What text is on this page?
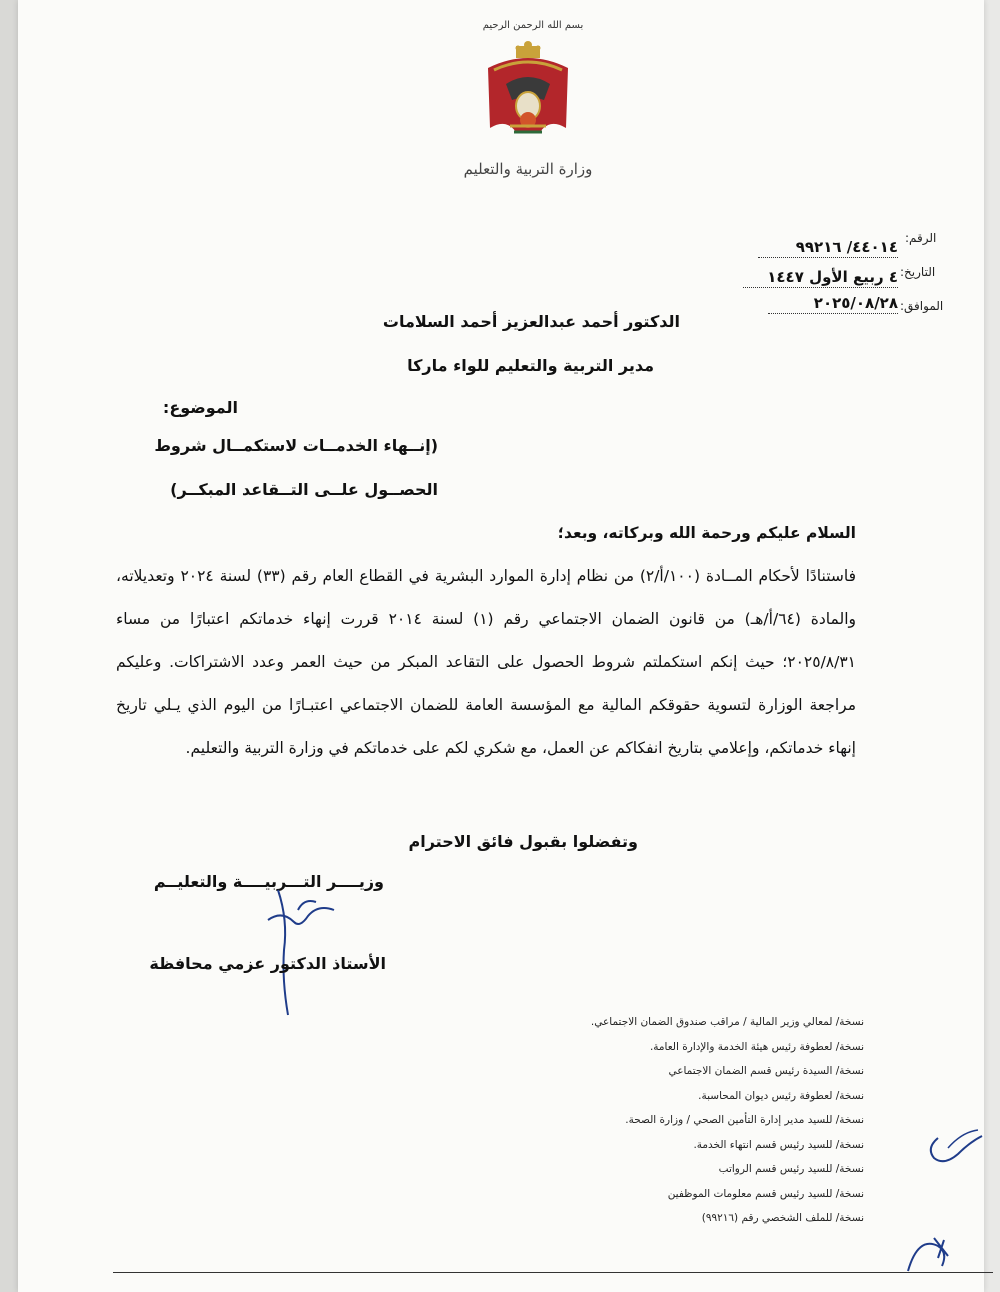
بسم الله الرحمن الرحيم
وزارة التربية والتعليم
الرقم:
٤٤٠١٤/ ٩٩٢١٦
التاريخ:
٤ ربيع الأول ١٤٤٧
الموافق:
٢٠٢٥/٠٨/٢٨
الدكتور أحمد عبدالعزيز أحمد السلامات
مدير التربية والتعليم للواء ماركا
الموضوع:
(إنــهاء الخدمــات لاستكمــال شروط
الحصــول علــى التــقاعد المبكــر)

السلام عليكم ورحمة الله وبركاته، وبعد؛

فاستنادًا لأحكام المــادة (١٠٠/أ/٢) من نظام إدارة الموارد البشرية في القطاع العام رقم (٣٣) لسنة ٢٠٢٤ وتعديلاته، والمادة (٦٤/أ/هـ) من قانون الضمان الاجتماعي رقم (١) لسنة ٢٠١٤ قررت إنهاء خدماتكم اعتبارًا من مساء ٢٠٢٥/٨/٣١؛ حيث إنكم استكملتم شروط الحصول على التقاعد المبكر من حيث العمر وعدد الاشتراكات. وعليكم مراجعة الوزارة لتسوية حقوقكم المالية مع المؤسسة العامة للضمان الاجتماعي اعتبـارًا من اليوم الذي يـلي تاريخ إنهاء خدماتكم، وإعلامي بتاريخ انفكاكم عن العمل، مع شكري لكم على خدماتكم في وزارة التربية والتعليم.

وتفضلوا بقبول فائق الاحترام
وزيــــر التـــربيــــة والتعليــم
الأستاذ الدكتور عزمي محافظة
نسخة/ لمعالي وزير المالية / مراقب صندوق الضمان الاجتماعي.
نسخة/ لعطوفة رئيس هيئة الخدمة والإدارة العامة.
نسخة/ السيدة رئيس قسم الضمان الاجتماعي
نسخة/ لعطوفة رئيس ديوان المحاسبة.
نسخة/ للسيد مدير إدارة التأمين الصحي / وزارة الصحة.
نسخة/ للسيد رئيس قسم انتهاء الخدمة.
نسخة/ للسيد رئيس قسم الرواتب
نسخة/ للسيد رئيس قسم معلومات الموظفين
نسخة/ للملف الشخصي رقم (٩٩٢١٦)
